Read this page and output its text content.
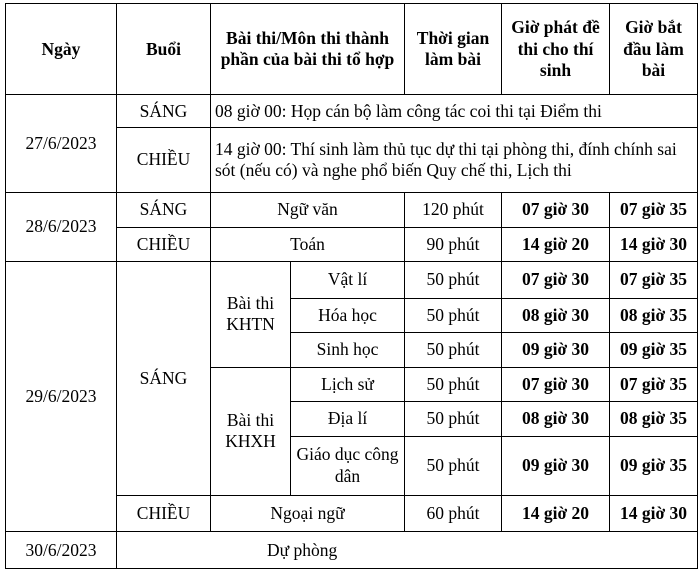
Ngày	Buổi	Bài thi/Môn thi thành phần của bài thi tổ hợp		Thời gian làm bài	Giờ phát đề thi cho thí sinh	Giờ bắt đầu làm bài
27/6/2023	SÁNG	08 giờ 00: Họp cán bộ làm công tác coi thi tại Điểm thi				
	CHIỀU	14 giờ 00: Thí sinh làm thủ tục dự thi tại phòng thi, đính chính sai sót (nếu có) và nghe phổ biến Quy chế thi, Lịch thi				
28/6/2023	SÁNG	Ngữ văn		120 phút	07 giờ 30	07 giờ 35
	CHIỀU	Toán		90 phút	14 giờ 20	14 giờ 30
29/6/2023	SÁNG	Bài thi KHTN	Vật lí	50 phút	07 giờ 30	07 giờ 35
			Hóa học	50 phút	08 giờ 30	08 giờ 35
			Sinh học	50 phút	09 giờ 30	09 giờ 35
		Bài thi KHXH	Lịch sử	50 phút	07 giờ 30	07 giờ 35
			Địa lí	50 phút	08 giờ 30	08 giờ 35
			Giáo dục công dân	50 phút	09 giờ 30	09 giờ 35
	CHIỀU	Ngoại ngữ		60 phút	14 giờ 20	14 giờ 30
30/6/2023	Dự phòng					
